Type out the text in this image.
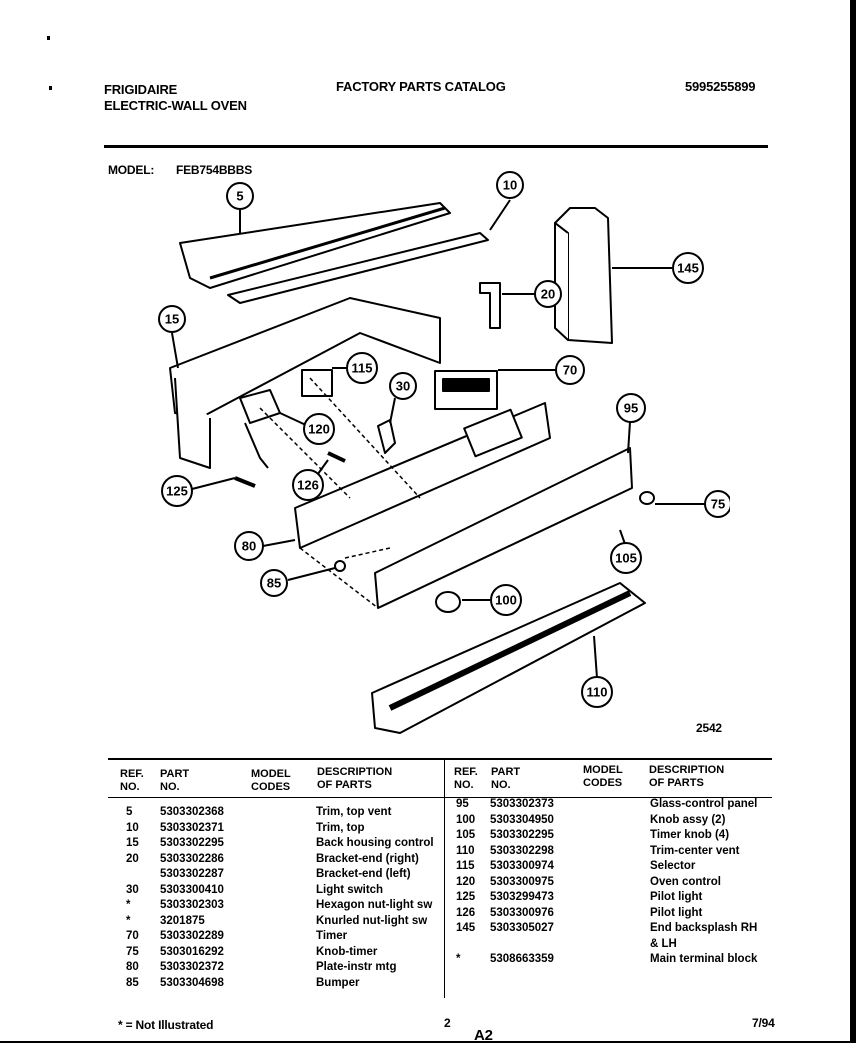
FRIGIDAIRE
ELECTRIC-WALL OVEN
FACTORY PARTS CATALOG	5995255899
MODEL: FEB754BBBS
5
10
15
20
30
70
75
80
85
95
100
105
110
115
120
125	126
145
2542
REF. NO.
PART NO.
MODEL CODES
DESCRIPTION OF PARTS
REF. NO.
PART NO.
MODEL CODES
DESCRIPTION OF PARTS
5 5303302368	Trim, top vent
10 5303302371	Trim, top
15 5303302295	Back housing control
20 5303302286	Bracket-end (right)
5303302287	Bracket-end (left)
30 5303300410	Light switch
*	5303302303	Hexagon nut-light sw
*	3201875	Knurled nut-light sw
70 5303302289	Timer
75 5303016292	Knob-timer
80 5303302372	Plate-instr mtg
85 5303304698	Bumper
95 5303302373	Glass-control panel
100 5303304950	Knob assy (2)
105 5303302295	Timer knob (4)
110 5303302298	Trim-center vent
115 5303300974	Selector
120 5303300975	Oven control
125 5303299473	Pilot light
126 5303300976	Pilot light
145 5303305027	End backsplash RH
& LH
*	5308663359	Main terminal block
* = Not Illustrated	2
A2
7/94
